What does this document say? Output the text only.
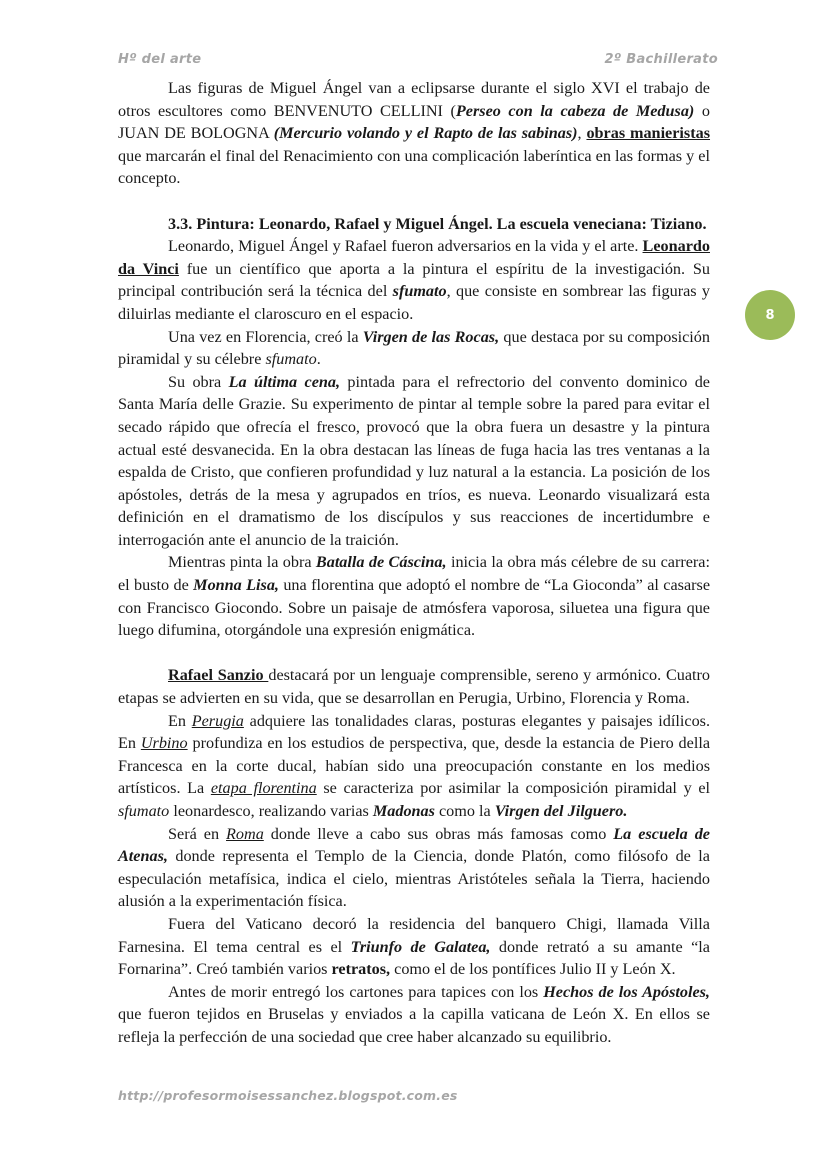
Hº del arte	2º Bachillerato
8

Las figuras de Miguel Ángel van a eclipsarse durante el siglo XVI el trabajo de otros escultores como BENVENUTO CELLINI (Perseo con la cabeza de Medusa) o JUAN DE BOLOGNA (Mercurio volando y el Rapto de las sabinas), obras manieristas que marcarán el final del Renacimiento con una complicación laberíntica en las formas y el concepto.

3.3. Pintura: Leonardo, Rafael y Miguel Ángel. La escuela veneciana: Tiziano.

Leonardo, Miguel Ángel y Rafael fueron adversarios en la vida y el arte. Leonardo da Vinci fue un científico que aporta a la pintura el espíritu de la investigación. Su principal contribución será la técnica del sfumato, que consiste en sombrear las figuras y diluirlas mediante el claroscuro en el espacio.

Una vez en Florencia, creó la Virgen de las Rocas, que destaca por su composición piramidal y su célebre sfumato.

Su obra La última cena, pintada para el refrectorio del convento dominico de Santa María delle Grazie. Su experimento de pintar al temple sobre la pared para evitar el secado rápido que ofrecía el fresco, provocó que la obra fuera un desastre y la pintura actual esté desvanecida. En la obra destacan las líneas de fuga hacia las tres ventanas a la espalda de Cristo, que confieren profundidad y luz natural a la estancia. La posición de los apóstoles, detrás de la mesa y agrupados en tríos, es nueva. Leonardo visualizará esta definición en el dramatismo de los discípulos y sus reacciones de incertidumbre e interrogación ante el anuncio de la traición.

Mientras pinta la obra Batalla de Cáscina, inicia la obra más célebre de su carrera: el busto de Monna Lisa, una florentina que adoptó el nombre de “La Gioconda” al casarse con Francisco Giocondo. Sobre un paisaje de atmósfera vaporosa, siluetea una figura que luego difumina, otorgándole una expresión enigmática.

Rafael Sanzio destacará por un lenguaje comprensible, sereno y armónico. Cuatro etapas se advierten en su vida, que se desarrollan en Perugia, Urbino, Florencia y Roma.

En Perugia adquiere las tonalidades claras, posturas elegantes y paisajes idílicos. En Urbino profundiza en los estudios de perspectiva, que, desde la estancia de Piero della Francesca en la corte ducal, habían sido una preocupación constante en los medios artísticos. La etapa florentina se caracteriza por asimilar la composición piramidal y el sfumato leonardesco, realizando varias Madonas como la Virgen del Jilguero.

Será en Roma donde lleve a cabo sus obras más famosas como La escuela de Atenas, donde representa el Templo de la Ciencia, donde Platón, como filósofo de la especulación metafísica, indica el cielo, mientras Aristóteles señala la Tierra, haciendo alusión a la experimentación física.

Fuera del Vaticano decoró la residencia del banquero Chigi, llamada Villa Farnesina. El tema central es el Triunfo de Galatea, donde retrató a su amante “la Fornarina”. Creó también varios retratos, como el de los pontífices Julio II y León X.

Antes de morir entregó los cartones para tapices con los Hechos de los Apóstoles, que fueron tejidos en Bruselas y enviados a la capilla vaticana de León X. En ellos se refleja la perfección de una sociedad que cree haber alcanzado su equilibrio.

http://profesormoisessanchez.blogspot.com.es
